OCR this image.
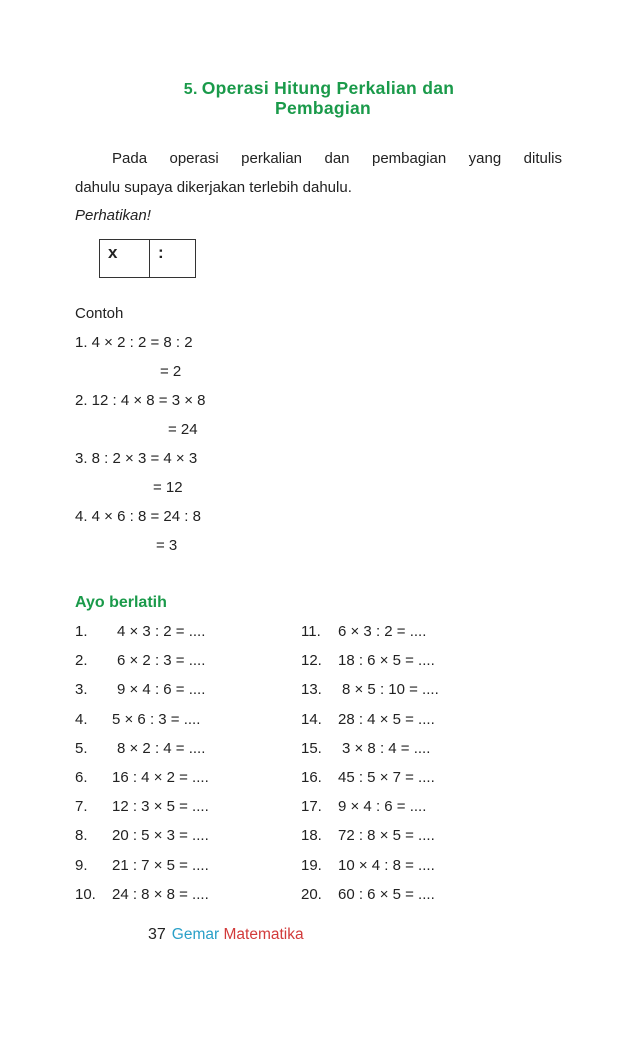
5. Operasi Hitung Perkalian dan
Pembagian
Pada operasi perkalian dan pembagian yang ditulis
dahulu supaya dikerjakan terlebih dahulu.
Perhatikan!
x	:
Contoh
1. 4 × 2 : 2 = 8 : 2
= 2
2. 12 : 4 × 8 = 3 × 8
= 24
3. 8 : 2 × 3 = 4 × 3
= 12
4. 4 × 6 : 8 = 24 : 8
= 3
Ayo berlatih
1. 4 × 3 : 2 = ....
2. 6 × 2 : 3 = ....
3. 9 × 4 : 6 = ....
4. 5 × 6 : 3 = ....
5. 8 × 2 : 4 = ....
6. 16 : 4 × 2 = ....
7. 12 : 3 × 5 = ....
8. 20 : 5 × 3 = ....
9. 21 : 7 × 5 = ....
10. 24 : 8 × 8 = ....
11. 6 × 3 : 2 = ....
12. 18 : 6 × 5 = ....
13. 8 × 5 : 10 = ....
14. 28 : 4 × 5 = ....
15. 3 × 8 : 4 = ....
16. 45 : 5 × 7 = ....
17. 9 × 4 : 6 = ....
18. 72 : 8 × 5 = ....
19. 10 × 4 : 8 = ....
20. 60 : 6 × 5 = ....
37 Gemar Matematika
